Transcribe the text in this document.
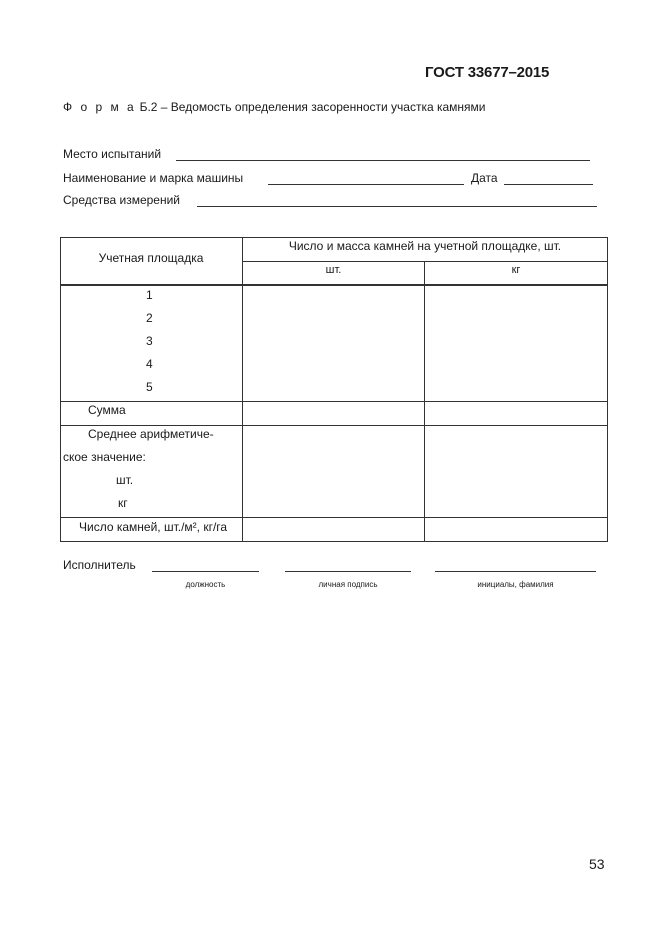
ГОСТ 33677–2015
Ф о р м а Б.2 – Ведомость определения засоренности участка камнями
Место испытаний
Наименование и марка машины	Дата
Средства измерений
Учетная площадка
Число и масса камней на учетной площадке, шт.
шт.	кг
1
2
3
4
5
Сумма
Среднее арифметиче-
ское значение:
шт.
кг
Число камней, шт./м², кг/га
Исполнитель
должность	личная подпись	инициалы, фамилия
53
